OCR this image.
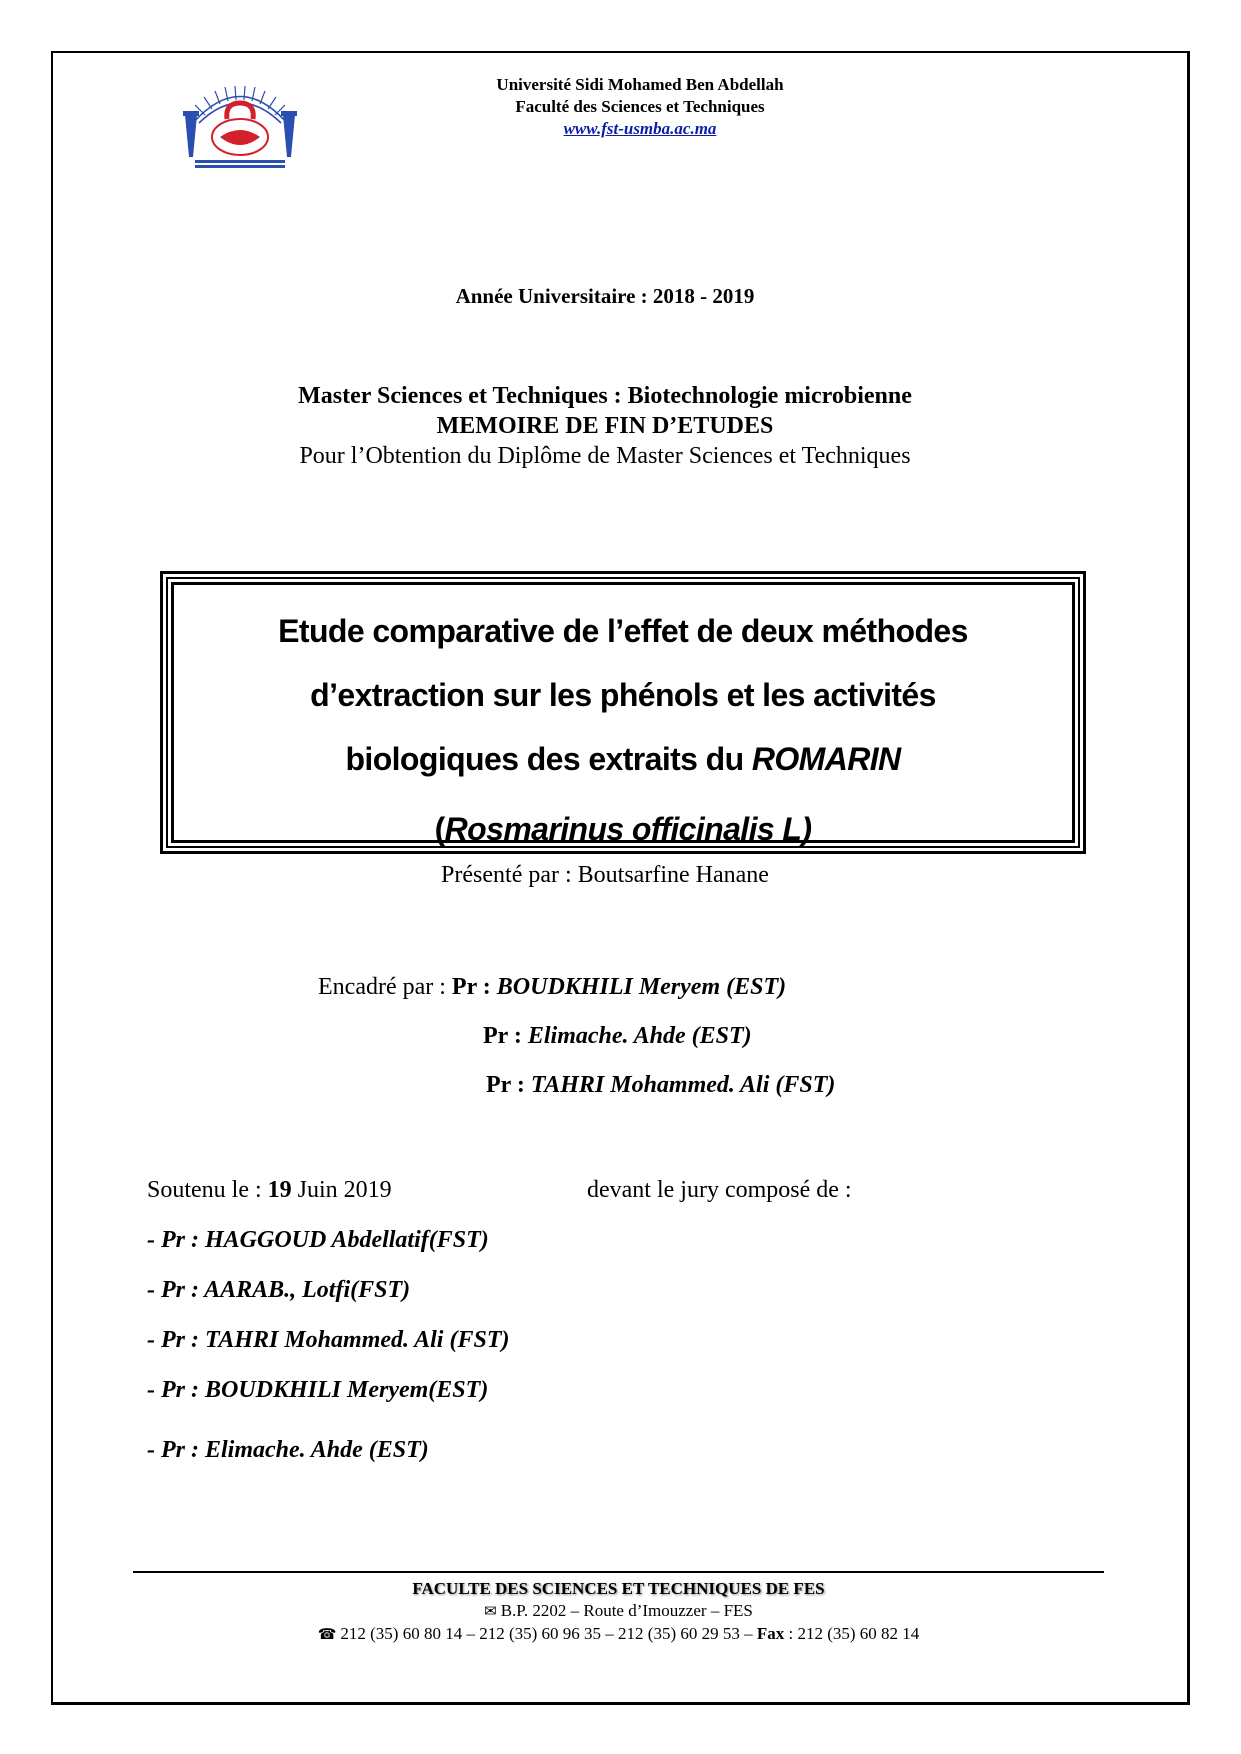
Université Sidi Mohamed Ben Abdellah
Faculté des Sciences et Techniques
www.fst-usmba.ac.ma
Année Universitaire : 2018 - 2019
Master Sciences et Techniques : Biotechnologie microbienne
MEMOIRE DE FIN D’ETUDES
Pour l’Obtention du Diplôme de Master Sciences et Techniques
Etude comparative de l’effet de deux méthodes
d’extraction sur les phénols et les activités
biologiques des extraits du ROMARIN
(Rosmarinus officinalis L)
Présenté par : Boutsarfine Hanane
Encadré par : Pr : BOUDKHILI Meryem (EST)
Pr : Elimache. Ahde (EST)
Pr : TAHRI Mohammed. Ali (FST)
Soutenu le : 19 Juin 2019	devant le jury composé de :
- Pr : HAGGOUD Abdellatif(FST)
- Pr : AARAB., Lotfi(FST)
- Pr : TAHRI Mohammed. Ali (FST)
- Pr : BOUDKHILI Meryem(EST)
- Pr : Elimache. Ahde (EST)
FACULTE DES SCIENCES ET TECHNIQUES DE FES
✉ B.P. 2202 – Route d’Imouzzer – FES
☎ 212 (35) 60 80 14 – 212 (35) 60 96 35 – 212 (35) 60 29 53 – Fax : 212 (35) 60 82 14
